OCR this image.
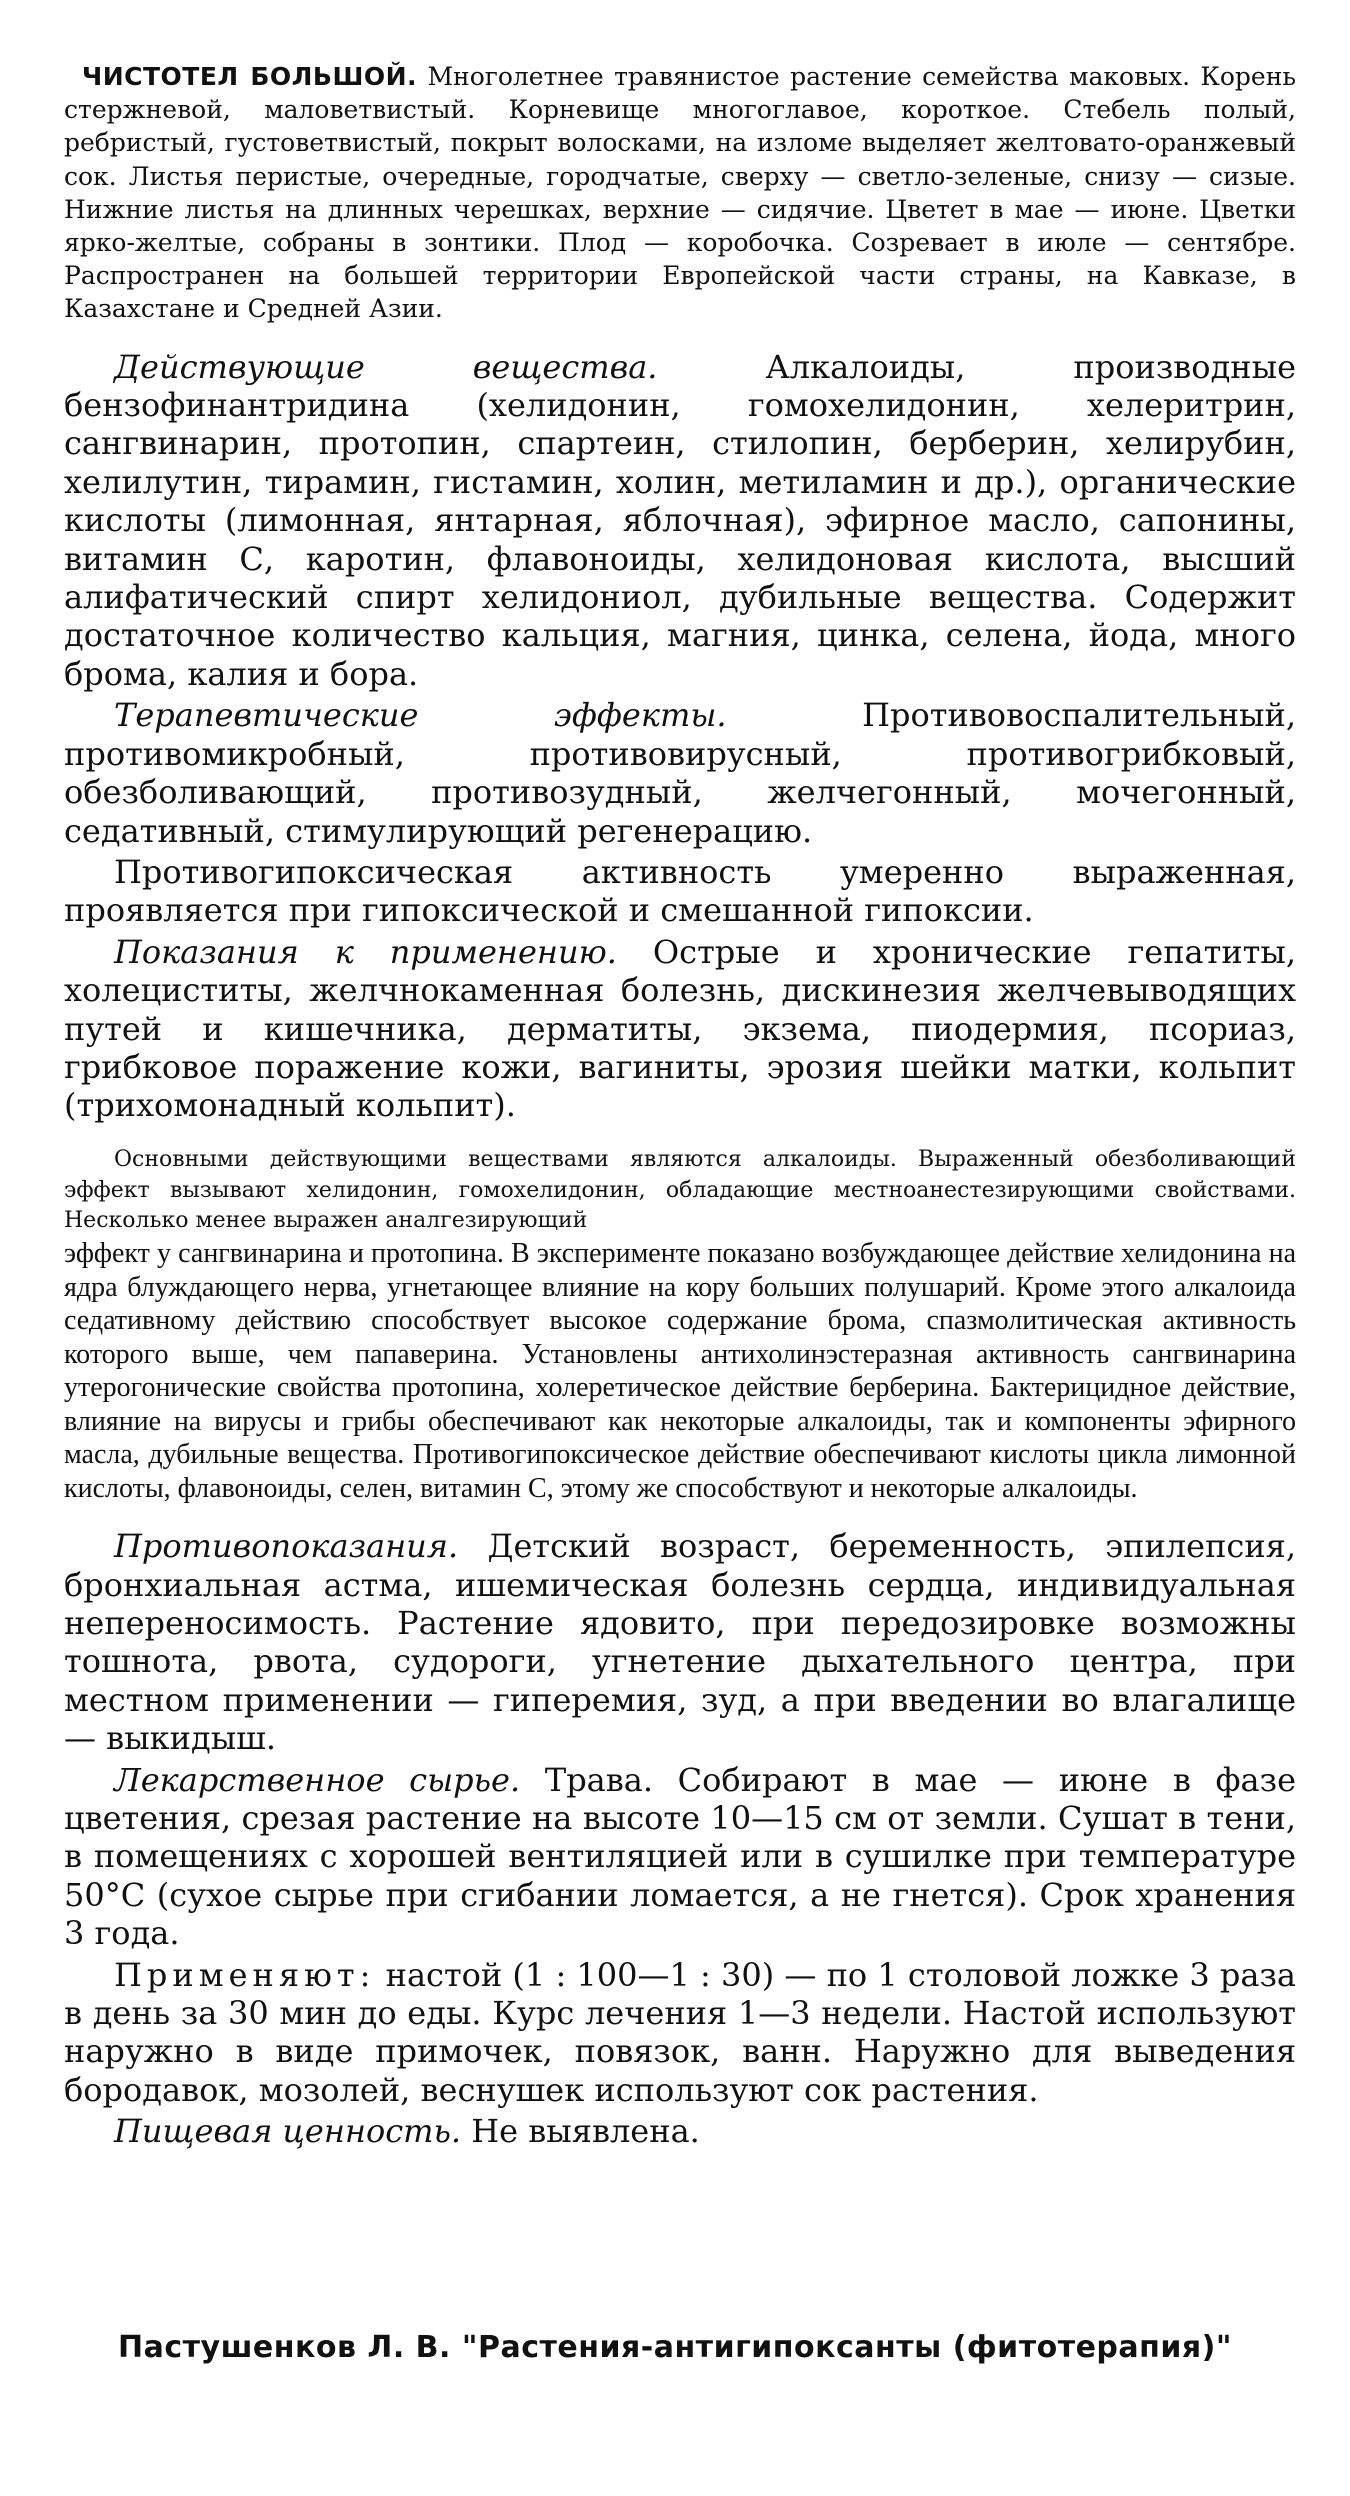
ЧИСТОТЕЛ БОЛЬШОЙ. Многолетнее травянистое растение семейства маковых. Корень стержневой, маловетвистый. Корневище многоглавое, короткое. Стебель полый, ребристый, густоветвистый, покрыт волосками, на изломе выделяет желтовато-оранжевый сок. Листья перистые, очередные, городчатые, сверху — светло-зеленые, снизу — сизые. Нижние листья на длинных черешках, верхние — сидячие. Цветет в мае — июне. Цветки ярко-желтые, собраны в зонтики. Плод — коробочка. Созревает в июле — сентябре. Распространен на большей территории Европейской части страны, на Кавказе, в Казахстане и Средней Азии.

Действующие вещества.	Алкалоиды, производные бензофинантридина (хелидонин, гомохелидонин, хелеритрин, сангвинарин, протопин, спартеин, стилопин, берберин, хелирубин, хелилутин, тирамин, гистамин, холин, метиламин и др.), органические кислоты (лимонная, янтарная, яблочная), эфирное масло, сапонины, витамин С, каротин, флавоноиды, хелидоновая кислота, высший алифатический спирт хелидониол, дубильные вещества. Содержит достаточное количество кальция, магния, цинка, селена, йода, много брома, калия и бора.

Терапевтические эффекты.	Противовоспалительный, противомикробный, противовирусный, противогрибковый, обезболивающий, противозудный, желчегонный, мочегонный, седативный, стимулирующий регенерацию.

Противогипоксическая активность умеренно выраженная, проявляется при гипоксической и смешанной гипоксии.

Показания к применению. Острые и хронические гепатиты, холециститы, желчнокаменная болезнь, дискинезия желчевыводящих путей и кишечника, дерматиты, экзема, пиодермия, псориаз, грибковое поражение кожи, вагиниты, эрозия шейки матки, кольпит (трихомонадный кольпит).

Основными действующими веществами являются алкалоиды. Выраженный обезболивающий эффект вызывают хелидонин, гомохелидонин, обладающие местноанестезирующими свойствами. Несколько менее выражен аналгезирующий

эффект у сангвинарина и протопина. В эксперименте показано возбуждающее действие хелидонина на ядра блуждающего нерва, угнетающее влияние на кору больших полушарий. Кроме этого алкалоида седативному действию способствует высокое содержание брома, спазмолитическая активность которого выше, чем папаверина. Установлены антихолинэстеразная активность сангвинарина утерогонические свойства протопина, холеретическое действие берберина. Бактерицидное действие, влияние на вирусы и грибы обеспечивают как некоторые алкалоиды, так и компоненты эфирного масла, дубильные вещества. Противогипоксическое действие обеспечивают кислоты цикла лимонной кислоты, флавоноиды, селен, витамин С, этому же способствуют и некоторые алкалоиды.

Противопоказания. Детский возраст, беременность, эпилепсия, бронхиальная астма, ишемическая болезнь сердца, индивидуальная непереносимость. Растение ядовито, при передозировке возможны тошнота, рвота, судороги, угнетение дыхательного центра, при местном применении — гиперемия, зуд, а при введении во влагалище — выкидыш.

Лекарственное сырье. Трава. Собирают в мае — июне в фазе цветения, срезая растение на высоте 10—15 см от земли. Сушат в тени, в помещениях с хорошей вентиляцией или в сушилке при температуре 50°С (сухое сырье при сгибании ломается, а не гнется). Срок хранения 3 года.

Применяют: настой (1 : 100—1 : 30) — по 1 столовой ложке 3 раза в день за 30 мин до еды. Курс лечения 1—3 недели. Настой используют наружно в виде примочек, повязок, ванн. Наружно для выведения бородавок, мозолей, веснушек используют сок растения.

Пищевая ценность. Не выявлена.

Пастушенков Л. В. "Растения-антигипоксанты (фитотерапия)"
